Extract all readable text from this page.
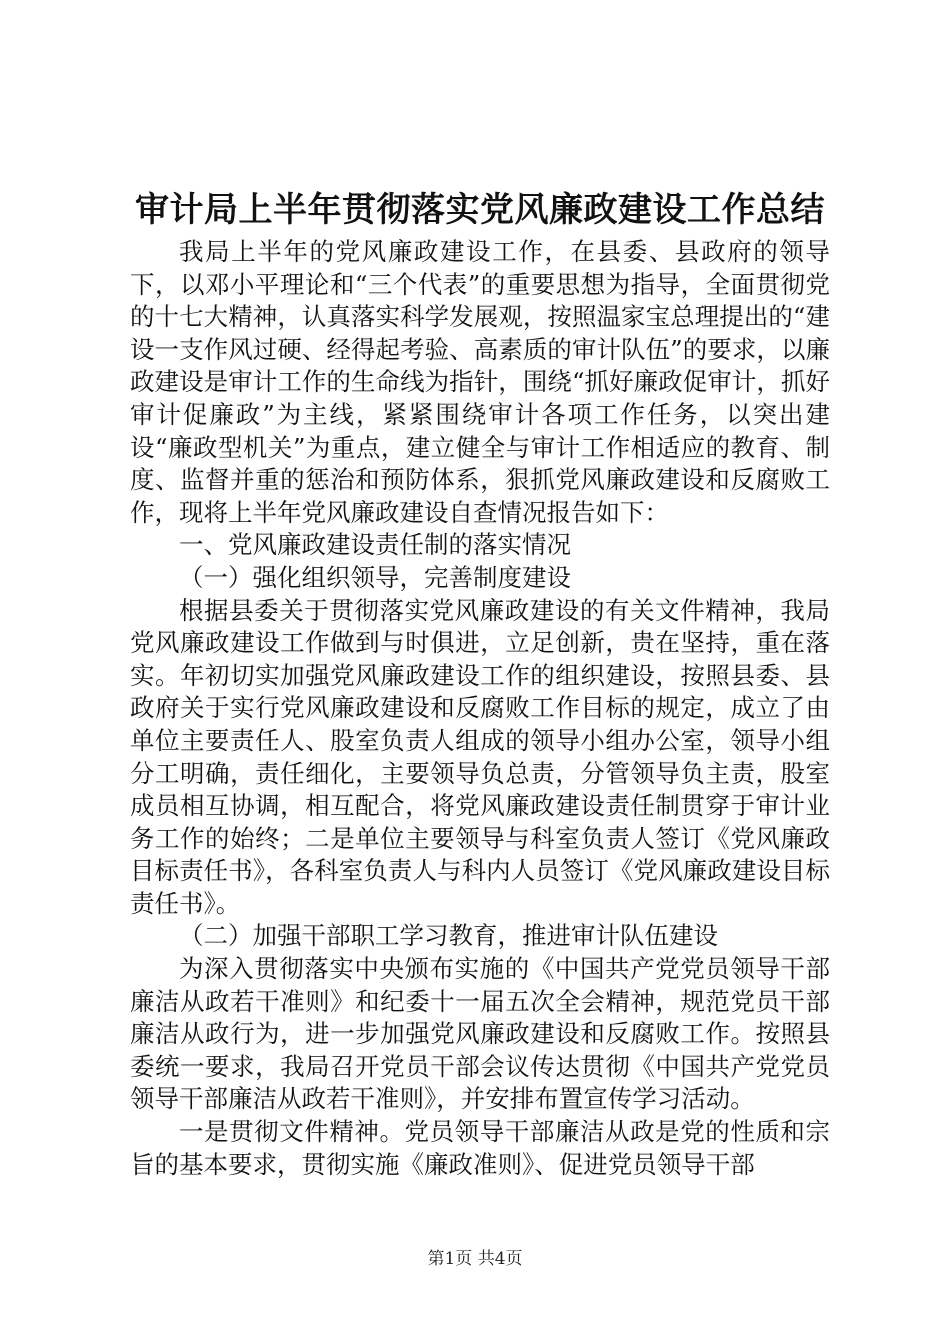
审计局上半年贯彻落实党风廉政建设工作总结

我局上半年的党风廉政建设工作，在县委、县政府的领导下，以邓小平理论和“三个代表”的重要思想为指导，全面贯彻党的十七大精神，认真落实科学发展观，按照温家宝总理提出的“建设一支作风过硬、经得起考验、高素质的审计队伍”的要求，以廉政建设是审计工作的生命线为指针，围绕“抓好廉政促审计，抓好审计促廉政”为主线，紧紧围绕审计各项工作任务，以突出建设“廉政型机关”为重点，建立健全与审计工作相适应的教育、制度、监督并重的惩治和预防体系，狠抓党风廉政建设和反腐败工作，现将上半年党风廉政建设自查情况报告如下：

一、党风廉政建设责任制的落实情况

（一）强化组织领导，完善制度建设

根据县委关于贯彻落实党风廉政建设的有关文件精神，我局党风廉政建设工作做到与时俱进，立足创新，贵在坚持，重在落实。年初切实加强党风廉政建设工作的组织建设，按照县委、县政府关于实行党风廉政建设和反腐败工作目标的规定，成立了由单位主要责任人、股室负责人组成的领导小组办公室，领导小组分工明确，责任细化，主要领导负总责，分管领导负主责，股室成员相互协调，相互配合，将党风廉政建设责任制贯穿于审计业务工作的始终；二是单位主要领导与科室负责人签订《党风廉政目标责任书》，各科室负责人与科内人员签订《党风廉政建设目标责任书》。

（二）加强干部职工学习教育，推进审计队伍建设

为深入贯彻落实中央颁布实施的《中国共产党党员领导干部廉洁从政若干准则》和纪委十一届五次全会精神，规范党员干部廉洁从政行为，进一步加强党风廉政建设和反腐败工作。按照县委统一要求，我局召开党员干部会议传达贯彻《中国共产党党员领导干部廉洁从政若干准则》，并安排布置宣传学习活动。

一是贯彻文件精神。党员领导干部廉洁从政是党的性质和宗旨的基本要求，贯彻实施《廉政准则》、促进党员领导干部

第1页 共4页
